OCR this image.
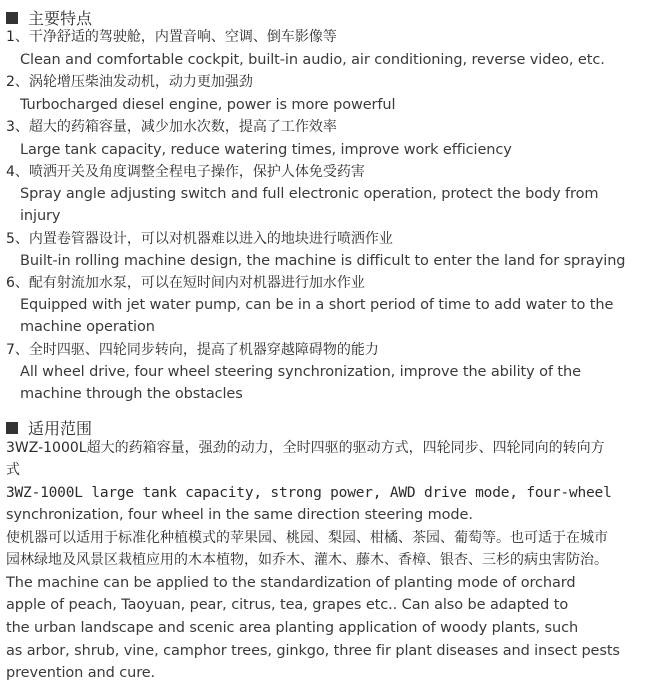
主要特点
1、干净舒适的驾驶舱，内置音响、空调、倒车影像等
Clean and comfortable cockpit, built-in audio, air conditioning, reverse video, etc.
2、涡轮增压柴油发动机，动力更加强劲
Turbocharged diesel engine, power is more powerful
3、超大的药箱容量，减少加水次数，提高了工作效率
Large tank capacity, reduce watering times, improve work efficiency
4、喷洒开关及角度调整全程电子操作，保护人体免受药害
Spray angle adjusting switch and full electronic operation, protect the body from
injury
5、内置卷管器设计，可以对机器难以进入的地块进行喷洒作业
Built-in rolling machine design, the machine is difficult to enter the land for spraying
6、配有射流加水泵，可以在短时间内对机器进行加水作业
Equipped with jet water pump, can be in a short period of time to add water to the
machine operation
7、全时四驱、四轮同步转向，提高了机器穿越障碍物的能力
All wheel drive, four wheel steering synchronization, improve the ability of the
machine through the obstacles
适用范围
3WZ-1000L超大的药箱容量，强劲的动力，全时四驱的驱动方式，四轮同步、四轮同向的转向方
式
3WZ-1000L large tank capacity, strong power, AWD drive mode, four-wheel
synchronization, four wheel in the same direction steering mode.
使机器可以适用于标准化种植模式的苹果园、桃园、梨园、柑橘、茶园、葡萄等。也可适于在城市
园林绿地及风景区栽植应用的木本植物，如乔木、灌木、藤木、香樟、银杏、三杉的病虫害防治。
The machine can be applied to the standardization of planting mode of orchard
apple of peach, Taoyuan, pear, citrus, tea, grapes etc.. Can also be adapted to
the urban landscape and scenic area planting application of woody plants, such
as arbor, shrub, vine, camphor trees, ginkgo, three fir plant diseases and insect pests
prevention and cure.
